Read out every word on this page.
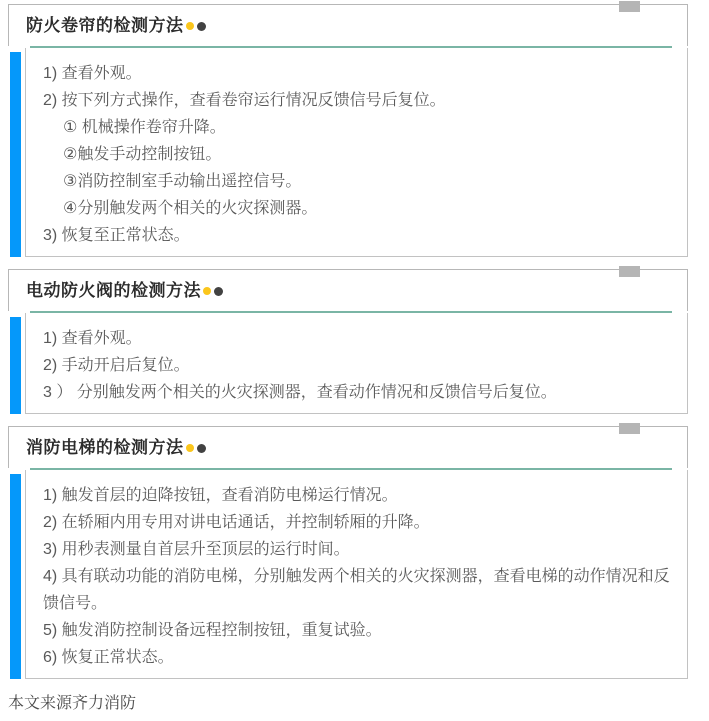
防火卷帘的检测方法

1) 查看外观。

2) 按下列方式操作，查看卷帘运行情况反馈信号后复位。

① 机械操作卷帘升降。

②触发手动控制按钮。

③消防控制室手动输出遥控信号。

④分别触发两个相关的火灾探测器。

3) 恢复至正常状态。

电动防火阀的检测方法

1) 查看外观。

2) 手动开启后复位。

3 ） 分别触发两个相关的火灾探测器，查看动作情况和反馈信号后复位。

消防电梯的检测方法

1) 触发首层的迫降按钮，查看消防电梯运行情况。

2) 在轿厢内用专用对讲电话通话，并控制轿厢的升降。

3) 用秒表测量自首层升至顶层的运行时间。

4) 具有联动功能的消防电梯，分别触发两个相关的火灾探测器，查看电梯的动作情况和反馈信号。

5) 触发消防控制设备远程控制按钮，重复试验。

6) 恢复正常状态。

本文来源齐力消防
